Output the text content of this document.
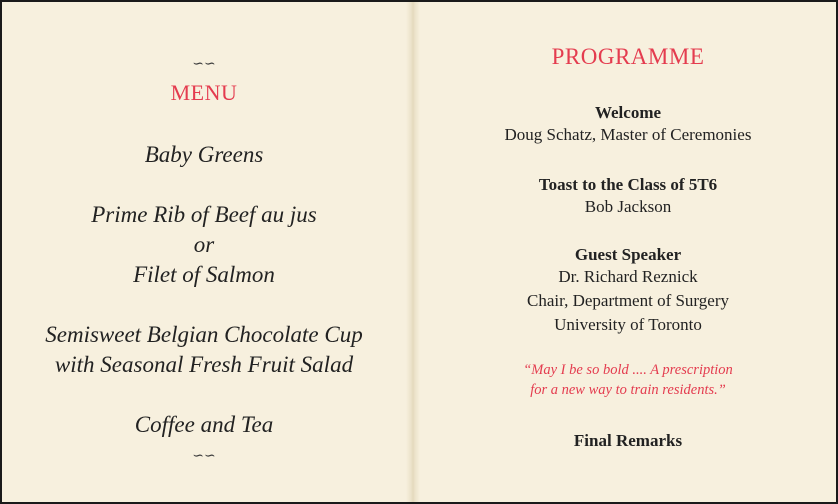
∽∽
MENU
Baby Greens
Prime Rib of Beef au jus
or
Filet of Salmon
Semisweet Belgian Chocolate Cup
with Seasonal Fresh Fruit Salad
Coffee and Tea
∽∽
PROGRAMME
Welcome
Doug Schatz, Master of Ceremonies
Toast to the Class of 5T6
Bob Jackson
Guest Speaker
Dr. Richard Reznick
Chair, Department of Surgery
University of Toronto
“May I be so bold .... A prescription
for a new way to train residents.”
Final Remarks
